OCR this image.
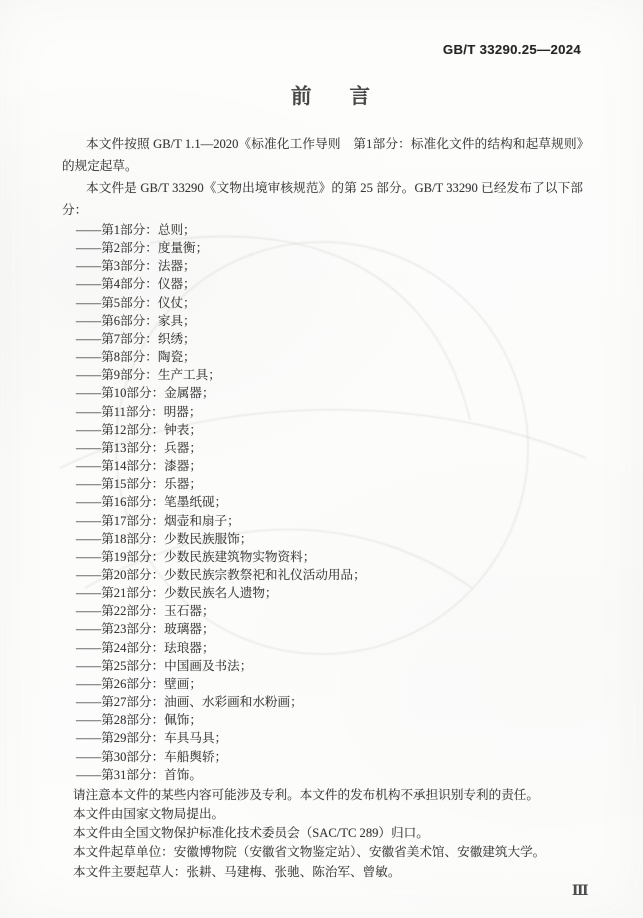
GB/T 33290.25—2024
前 言

本文件按照 GB/T 1.1—2020《标准化工作导则　第1部分：标准化文件的结构和起草规则》的规定起草。

本文件是 GB/T 33290《文物出境审核规范》的第 25 部分。GB/T 33290 已经发布了以下部分：

——第1部分：总则；
——第2部分：度量衡；
——第3部分：法器；
——第4部分：仪器；
——第5部分：仪仗；
——第6部分：家具；
——第7部分：织绣；
——第8部分：陶瓷；
——第9部分：生产工具；
——第10部分：金属器；
——第11部分：明器；
——第12部分：钟表；
——第13部分：兵器；
——第14部分：漆器；
——第15部分：乐器；
——第16部分：笔墨纸砚；
——第17部分：烟壶和扇子；
——第18部分：少数民族服饰；
——第19部分：少数民族建筑物实物资料；
——第20部分：少数民族宗教祭祀和礼仪活动用品；
——第21部分：少数民族名人遗物；
——第22部分：玉石器；
——第23部分：玻璃器；
——第24部分：珐琅器；
——第25部分：中国画及书法；
——第26部分：壁画；
——第27部分：油画、水彩画和水粉画；
——第28部分：佩饰；
——第29部分：车具马具；
——第30部分：车船舆轿；
——第31部分：首饰。

请注意本文件的某些内容可能涉及专利。本文件的发布机构不承担识别专利的责任。

本文件由国家文物局提出。

本文件由全国文物保护标准化技术委员会（SAC/TC 289）归口。

本文件起草单位：安徽博物院（安徽省文物鉴定站）、安徽省美术馆、安徽建筑大学。

本文件主要起草人：张耕、马建梅、张驰、陈治军、曾敏。

Ⅲ
